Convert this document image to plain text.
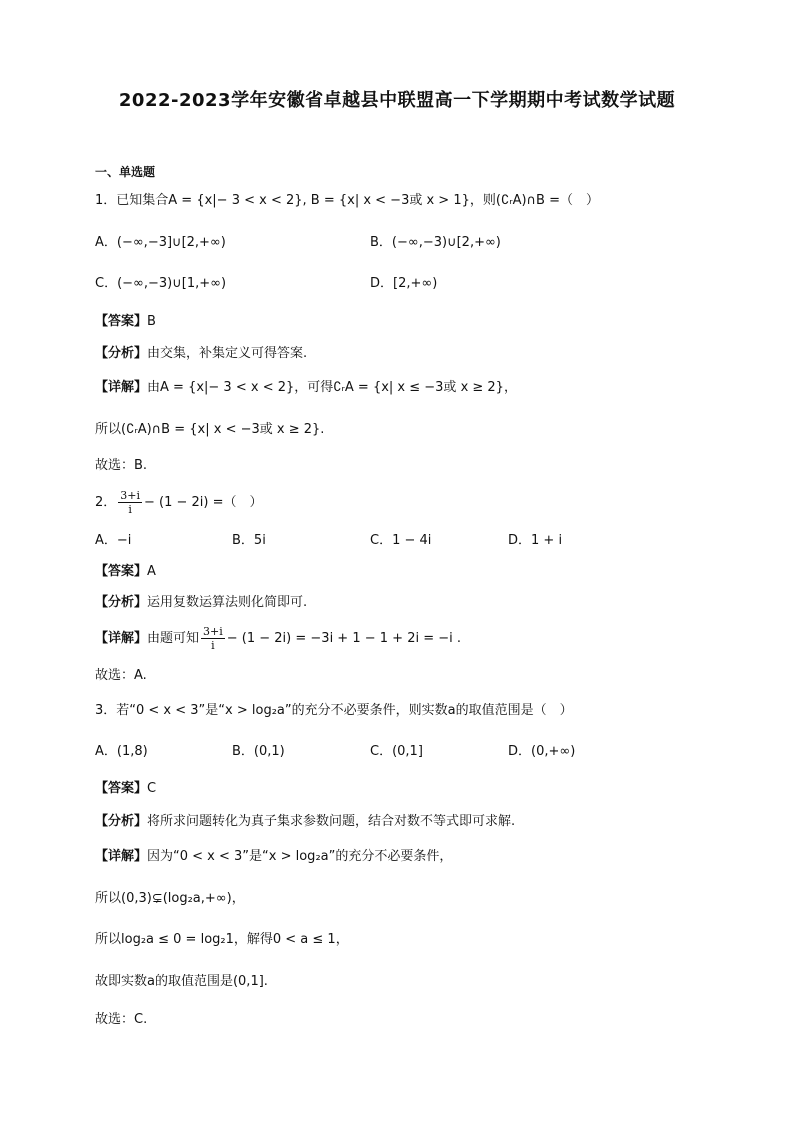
2022-2023学年安徽省卓越县中联盟高一下学期期中考试数学试题
一、单选题
1．已知集合A = {x|− 3 < x < 2}, B = {x| x < −3或 x > 1}，则(∁ᵣA)∩B =（　）
A．(−∞,−3]∪[2,+∞)	B．(−∞,−3)∪[2,+∞)
C．(−∞,−3)∪[1,+∞)	D．[2,+∞)
【答案】B
【分析】由交集，补集定义可得答案.
【详解】由A = {x|− 3 < x < 2}，可得∁ᵣA = {x| x ≤ −3或 x ≥ 2}，
所以(∁ᵣA)∩B = {x| x < −3或 x ≥ 2}.
故选：B.
2． $\frac{3+i}{i} - (1 - 2i)$ =（　）
A．−i	B．5i	C．1 − 4i	D．1 + i
【答案】A
【分析】运用复数运算法则化简即可.
【详解】由题可知 $\frac{3+i}{i} - (1 - 2i) = -3i + 1 - 1 + 2i = -i$ .
故选：A.
3．若“0 < x < 3”是“x > log₂a”的充分不必要条件，则实数a的取值范围是（　）
A．(1,8)	B．(0,1)	C．(0,1]	D．(0,+∞)
【答案】C
【分析】将所求问题转化为真子集求参数问题，结合对数不等式即可求解.
【详解】因为“0 < x < 3”是“x > log₂a”的充分不必要条件，
所以(0,3)⊊(log₂a,+∞)，
所以log₂a ≤ 0 = log₂1，解得0 < a ≤ 1，
故即实数a的取值范围是(0,1].
故选：C.
